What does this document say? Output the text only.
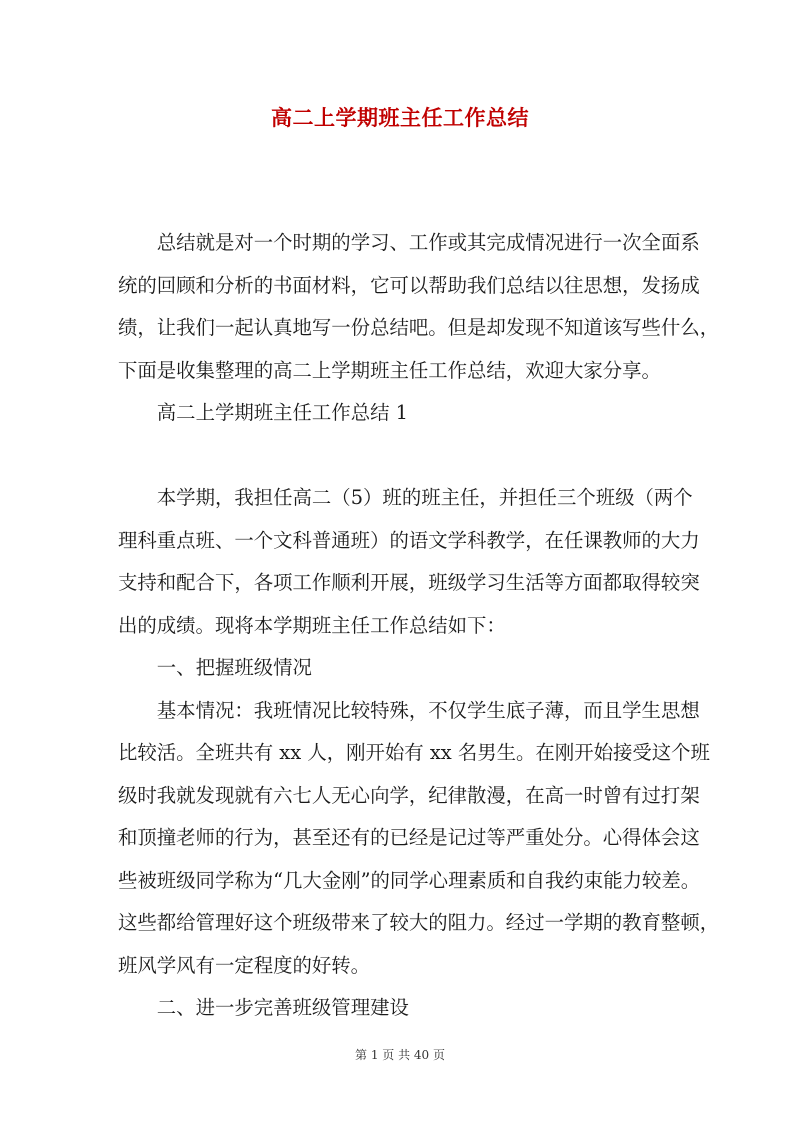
高二上学期班主任工作总结
总结就是对一个时期的学习、工作或其完成情况进行一次全面系
统的回顾和分析的书面材料，它可以帮助我们总结以往思想，发扬成
绩，让我们一起认真地写一份总结吧。但是却发现不知道该写些什么，
下面是收集整理的高二上学期班主任工作总结，欢迎大家分享。
高二上学期班主任工作总结 1
本学期，我担任高二（5）班的班主任，并担任三个班级（两个
理科重点班、一个文科普通班）的语文学科教学，在任课教师的大力
支持和配合下，各项工作顺利开展，班级学习生活等方面都取得较突
出的成绩。现将本学期班主任工作总结如下：
一、把握班级情况
基本情况：我班情况比较特殊，不仅学生底子薄，而且学生思想
比较活。全班共有 xx 人，刚开始有 xx 名男生。在刚开始接受这个班
级时我就发现就有六七人无心向学，纪律散漫，在高一时曾有过打架
和顶撞老师的行为，甚至还有的已经是记过等严重处分。心得体会这
些被班级同学称为“几大金刚”的同学心理素质和自我约束能力较差。
这些都给管理好这个班级带来了较大的阻力。经过一学期的教育整顿，
班风学风有一定程度的好转。
二、进一步完善班级管理建设
第 1 页 共 40 页
